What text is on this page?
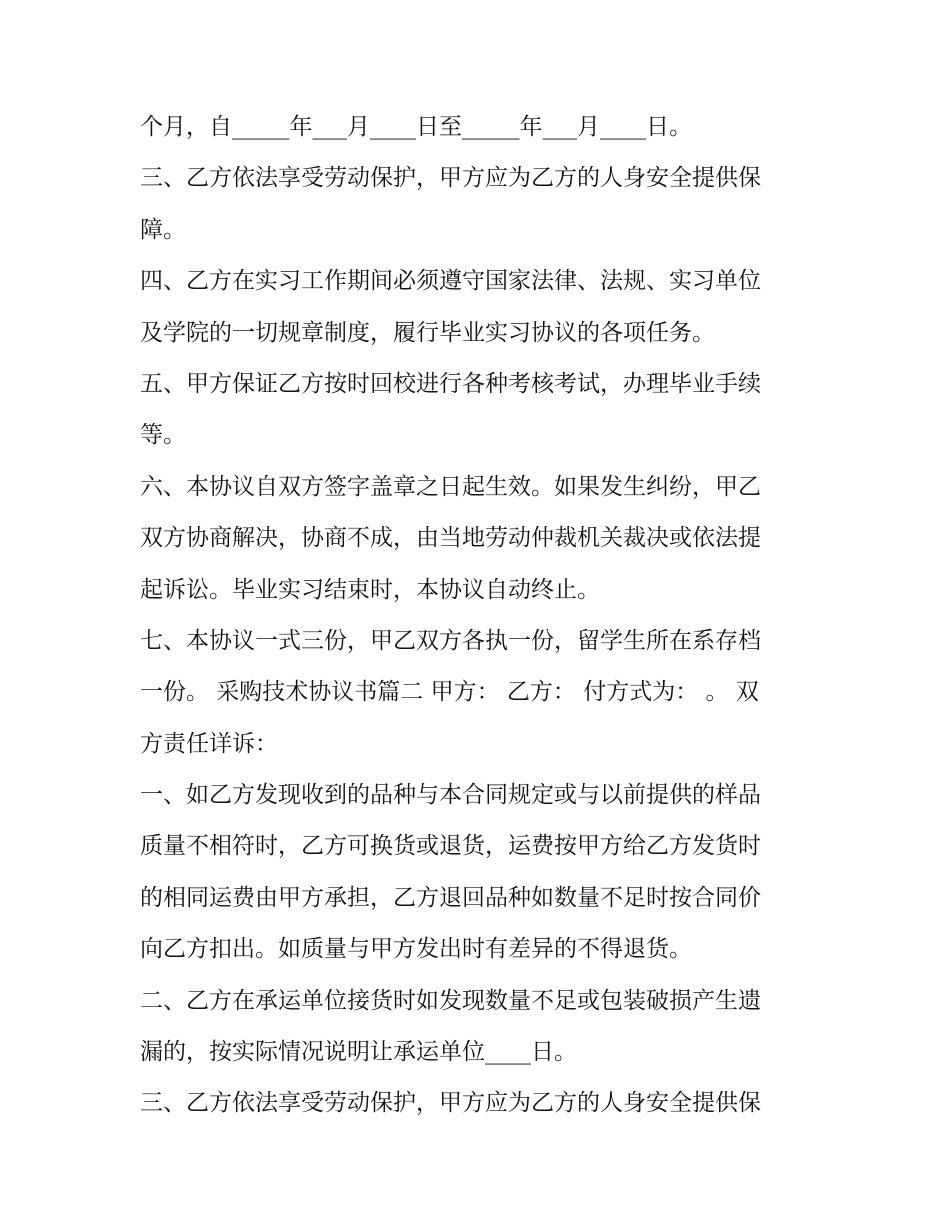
个月，自_____年___月____日至_____年___月____日。
三、乙方依法享受劳动保护，甲方应为乙方的人身安全提供保
障。
四、乙方在实习工作期间必须遵守国家法律、法规、实习单位
及学院的一切规章制度，履行毕业实习协议的各项任务。
五、甲方保证乙方按时回校进行各种考核考试，办理毕业手续
等。
六、本协议自双方签字盖章之日起生效。如果发生纠纷，甲乙
双方协商解决，协商不成，由当地劳动仲裁机关裁决或依法提
起诉讼。毕业实习结束时，本协议自动终止。
七、本协议一式三份，甲乙双方各执一份，留学生所在系存档
一份。 采购技术协议书篇二 甲方： 乙方： 付方式为： 。 双
方责任详诉：
一、如乙方发现收到的品种与本合同规定或与以前提供的样品
质量不相符时，乙方可换货或退货，运费按甲方给乙方发货时
的相同运费由甲方承担，乙方退回品种如数量不足时按合同价
向乙方扣出。如质量与甲方发出时有差异的不得退货。
二、乙方在承运单位接货时如发现数量不足或包装破损产生遗
漏的，按实际情况说明让承运单位____日。
三、乙方依法享受劳动保护，甲方应为乙方的人身安全提供保
